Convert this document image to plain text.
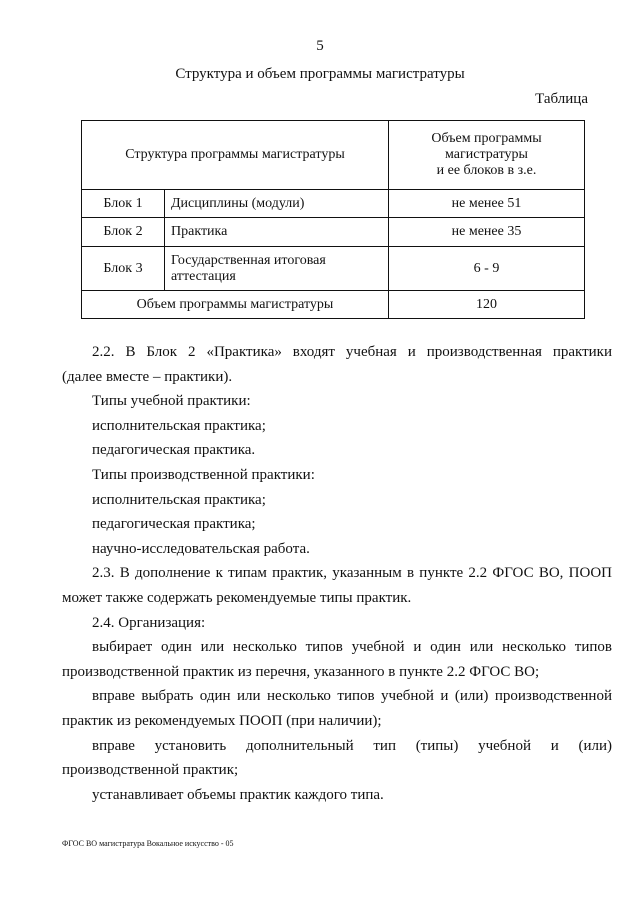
5
Структура и объем программы магистратуры
Таблица
Структура программы магистратуры		Объем программы
магистратуры
и ее блоков в з.е.

Блок 1	Дисциплины (модули)	не менее 51
Блок 2	Практика	не менее 35
Блок 3	Государственная итоговая аттестация	6 - 9
Объем программы магистратуры		120

2.2. В Блок 2 «Практика» входят учебная и производственная практики

(далее вместе – практики).

Типы учебной практики:

исполнительская практика;

педагогическая практика.

Типы производственной практики:

исполнительская практика;

педагогическая практика;

научно-исследовательская работа.

2.3. В дополнение к типам практик, указанным в пункте 2.2 ФГОС ВО, ПООП

может также содержать рекомендуемые типы практик.

2.4. Организация:

выбирает один или несколько типов учебной и один или несколько типов

производственной практик из перечня, указанного в пункте 2.2 ФГОС ВО;

вправе выбрать один или несколько типов учебной и (или) производственной

практик из рекомендуемых ПООП (при наличии);

вправе установить дополнительный тип (типы) учебной и (или)

производственной практик;

устанавливает объемы практик каждого типа.

ФГОС ВО магистратура Вокальное искусство - 05
